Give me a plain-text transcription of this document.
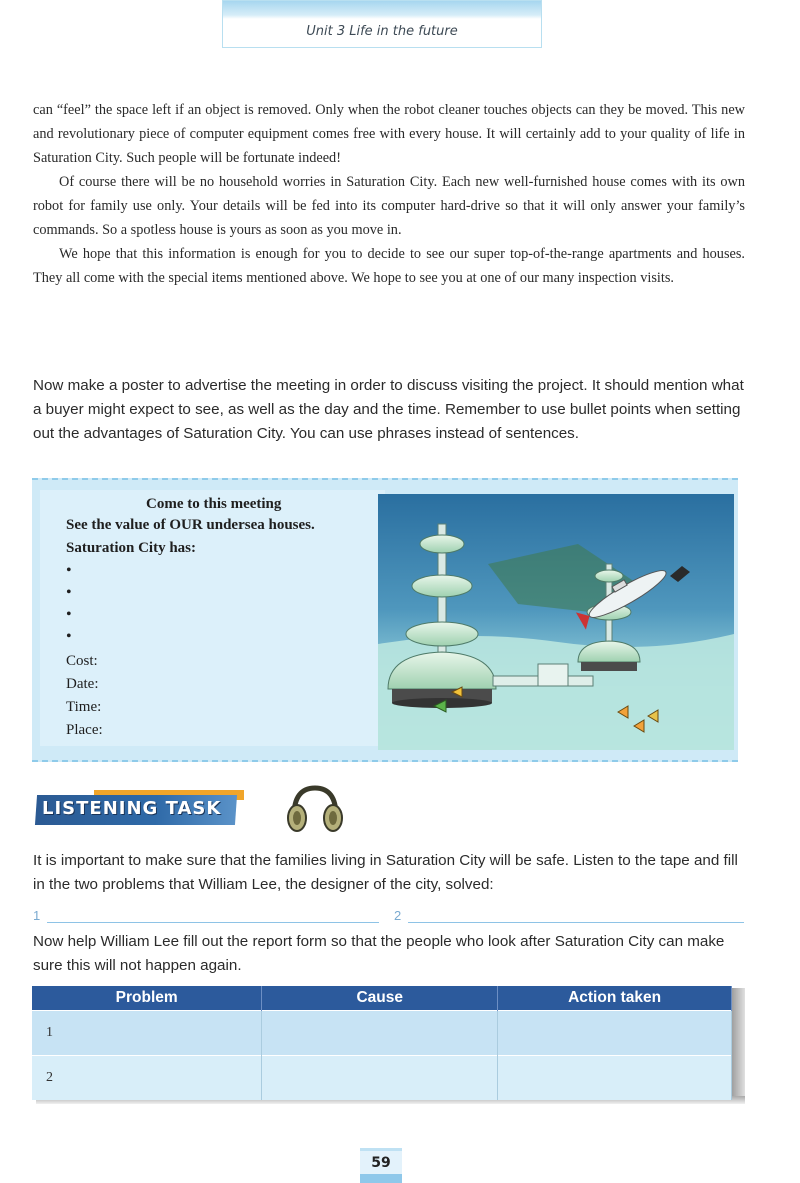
Unit 3 Life in the future

can “feel” the space left if an object is removed. Only when the robot cleaner touches objects can they be moved. This new and revolutionary piece of computer equipment comes free with every house. It will certainly add to your quality of life in Saturation City. Such people will be fortunate indeed!

Of course there will be no household worries in Saturation City. Each new well-furnished house comes with its own robot for family use only. Your details will be fed into its computer hard-drive so that it will only answer your family’s commands. So a spotless house is yours as soon as you move in.

We hope that this information is enough for you to decide to see our super top-of-the-range apartments and houses. They all come with the special items mentioned above. We hope to see you at one of our many inspection visits.

Now make a poster to advertise the meeting in order to discuss visiting the project. It should mention what a buyer might expect to see, as well as the day and the time. Remember to use bullet points when setting out the advantages of Saturation City. You can use phrases instead of sentences.
Come to this meeting
See the value of OUR undersea houses.
Saturation City has:
•
•
•
•
Cost:
Date:
Time:
Place:
LISTENING TASK
It is important to make sure that the families living in Saturation City will be safe. Listen to the tape and fill in the two problems that William Lee, the designer of the city, solved:
1	2
Now help William Lee fill out the report form so that the people who look after Saturation City can make sure this will not happen again.
Problem	Cause	Action taken
1		
2		
59
